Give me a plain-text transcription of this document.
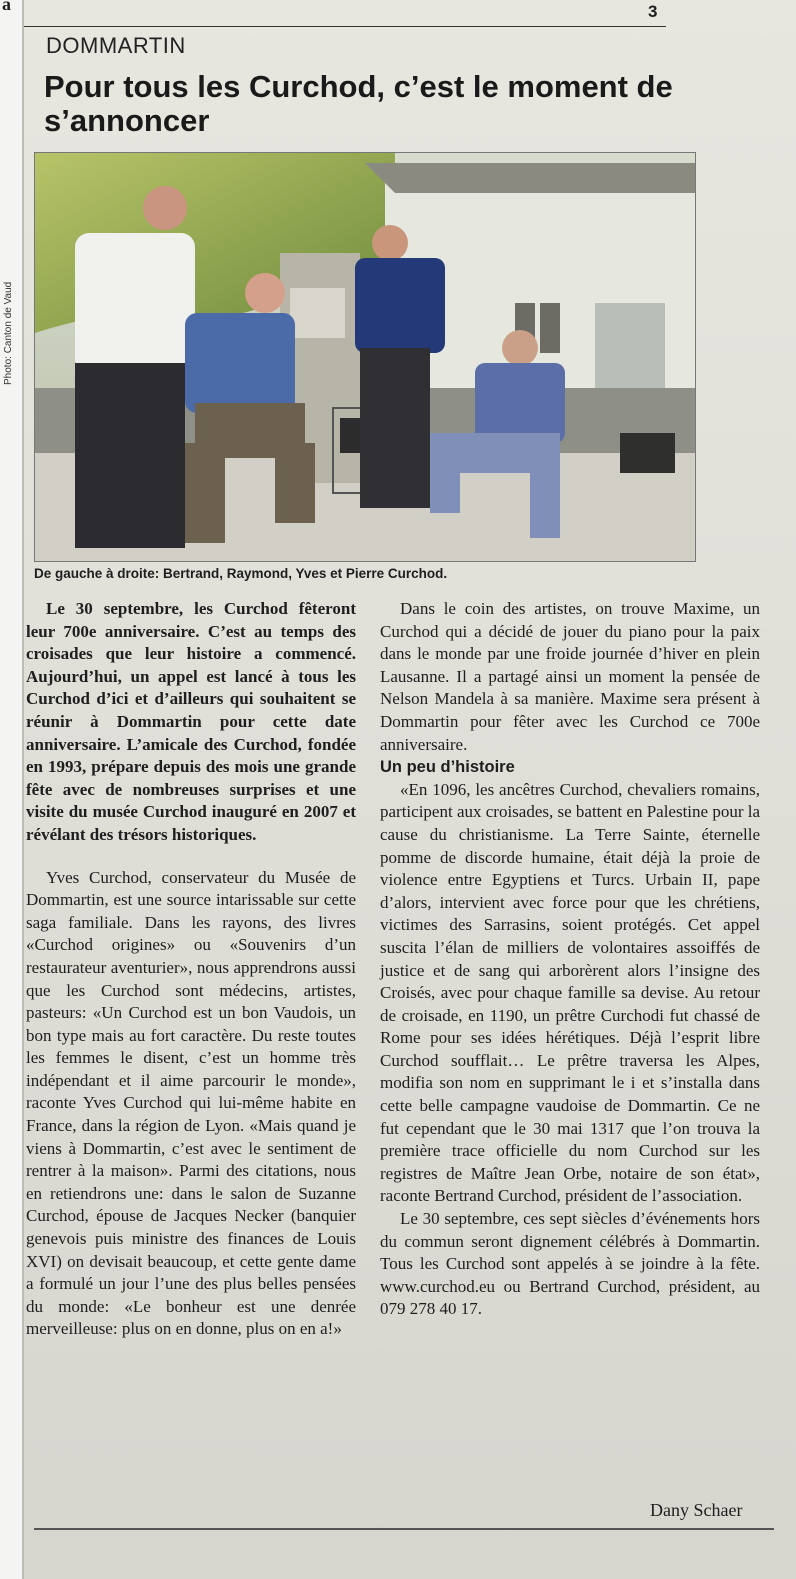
a
Photo: Canton de Vaud
3
DOMMARTIN
Pour tous les Curchod, c’est le moment de s’annoncer
De gauche à droite: Bertrand, Raymond, Yves et Pierre Curchod.

Le 30 septembre, les Curchod fêteront leur 700e anniversaire. C’est au temps des croisades que leur histoire a commencé. Aujourd’hui, un appel est lancé à tous les Curchod d’ici et d’ailleurs qui souhaitent se réunir à Dommartin pour cette date anniversaire. L’amicale des Curchod, fondée en 1993, prépare depuis des mois une grande fête avec de nombreuses surprises et une visite du musée Curchod inauguré en 2007 et révélant des trésors historiques.

Yves Curchod, conservateur du Musée de Dommartin, est une source intarissable sur cette saga familiale. Dans les rayons, des livres «Curchod origines» ou «Souvenirs d’un restaurateur aventurier», nous apprendrons aussi que les Curchod sont médecins, artistes, pasteurs: «Un Curchod est un bon Vaudois, un bon type mais au fort caractère. Du reste toutes les femmes le disent, c’est un homme très indépendant et il aime parcourir le monde», raconte Yves Curchod qui lui-même habite en France, dans la région de Lyon. «Mais quand je viens à Dommartin, c’est avec le sentiment de rentrer à la maison». Parmi des citations, nous en retiendrons une: dans le salon de Suzanne Curchod, épouse de Jacques Necker (banquier genevois puis ministre des finances de Louis XVI) on devisait beaucoup, et cette gente dame a formulé un jour l’une des plus belles pensées du monde: «Le bonheur est une denrée merveilleuse: plus on en donne, plus on en a!»

Dans le coin des artistes, on trouve Maxime, un Curchod qui a décidé de jouer du piano pour la paix dans le monde par une froide journée d’hiver en plein Lausanne. Il a partagé ainsi un moment la pensée de Nelson Mandela à sa manière. Maxime sera présent à Dommartin pour fêter avec les Curchod ce 700e anniversaire.

Un peu d’histoire

«En 1096, les ancêtres Curchod, chevaliers romains, participent aux croisades, se battent en Palestine pour la cause du christianisme. La Terre Sainte, éternelle pomme de discorde humaine, était déjà la proie de violence entre Egyptiens et Turcs. Urbain II, pape d’alors, intervient avec force pour que les chrétiens, victimes des Sarrasins, soient protégés. Cet appel suscita l’élan de milliers de volontaires assoiffés de justice et de sang qui arborèrent alors l’insigne des Croisés, avec pour chaque famille sa devise. Au retour de croisade, en 1190, un prêtre Curchodi fut chassé de Rome pour ses idées hérétiques. Déjà l’esprit libre Curchod soufflait… Le prêtre traversa les Alpes, modifia son nom en supprimant le i et s’installa dans cette belle campagne vaudoise de Dommartin. Ce ne fut cependant que le 30 mai 1317 que l’on trouva la première trace officielle du nom Curchod sur les registres de Maître Jean Orbe, notaire de son état», raconte Bertrand Curchod, président de l’association.

Le 30 septembre, ces sept siècles d’événements hors du commun seront dignement célébrés à Dommartin. Tous les Curchod sont appelés à se joindre à la fête. www.curchod.eu ou Bertrand Curchod, président, au 079 278 40 17.

Dany Schaer
